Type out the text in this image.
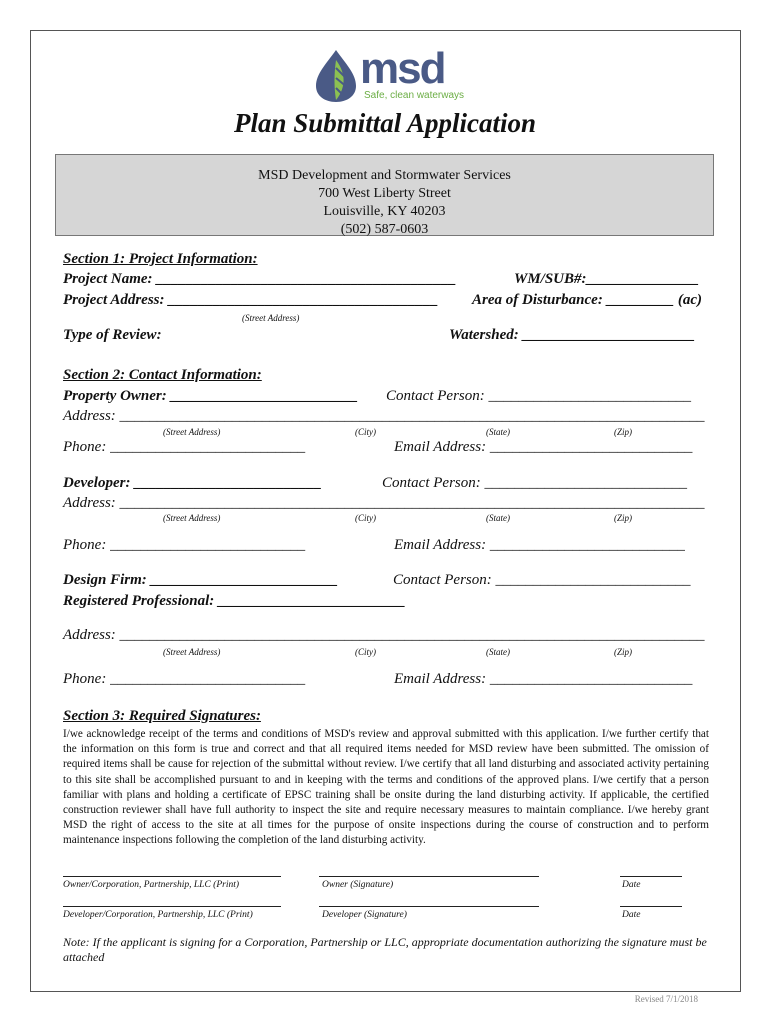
msd
Safe, clean waterways
Plan Submittal Application
MSD Development and Stormwater Services
700 West Liberty Street
Louisville, KY 40203
(502) 587-0603
Section 1: Project Information:
Project Name: ________________________________________	WM/SUB#:_______________
Project Address: ____________________________________ Area of Disturbance: _________ (ac)
(Street Address)
Type of Review:	Watershed: _______________________
Section 2: Contact Information:
Property Owner: _________________________ Contact Person: ___________________________
Address: ______________________________________________________________________________
(Street Address)	(City)	(State)	(Zip)
Phone: __________________________	Email Address: ___________________________
Developer: _________________________	Contact Person: ___________________________
Address: ______________________________________________________________________________
(Street Address)	(City)	(State)	(Zip)
Phone: __________________________	Email Address: __________________________
Design Firm: _________________________	Contact Person: __________________________
Registered Professional: _________________________
Address: ______________________________________________________________________________
(Street Address)	(City)	(State)	(Zip)
Phone: __________________________	Email Address: ___________________________
Section 3: Required Signatures:
I/we acknowledge receipt of the terms and conditions of MSD's review and approval submitted with this application. I/we further certify that the information on this form is true and correct and that all required items needed for MSD review have been submitted. The omission of required items shall be cause for rejection of the submittal without review. I/we certify that all land disturbing and associated activity pertaining to this site shall be accomplished pursuant to and in keeping with the terms and conditions of the approved plans. I/we certify that a person familiar with plans and holding a certificate of EPSC training shall be onsite during the land disturbing activity. If applicable, the certified construction reviewer shall have full authority to inspect the site and require necessary measures to maintain compliance. I/we hereby grant MSD the right of access to the site at all times for the purpose of onsite inspections during the course of construction and to perform maintenance inspections following the completion of the land disturbing activity.
Owner/Corporation, Partnership, LLC (Print)	Owner (Signature)	Date
Developer/Corporation, Partnership, LLC (Print)	Developer (Signature)	Date
Note: If the applicant is signing for a Corporation, Partnership or LLC, appropriate documentation authorizing the signature must be attached
Revised 7/1/2018
